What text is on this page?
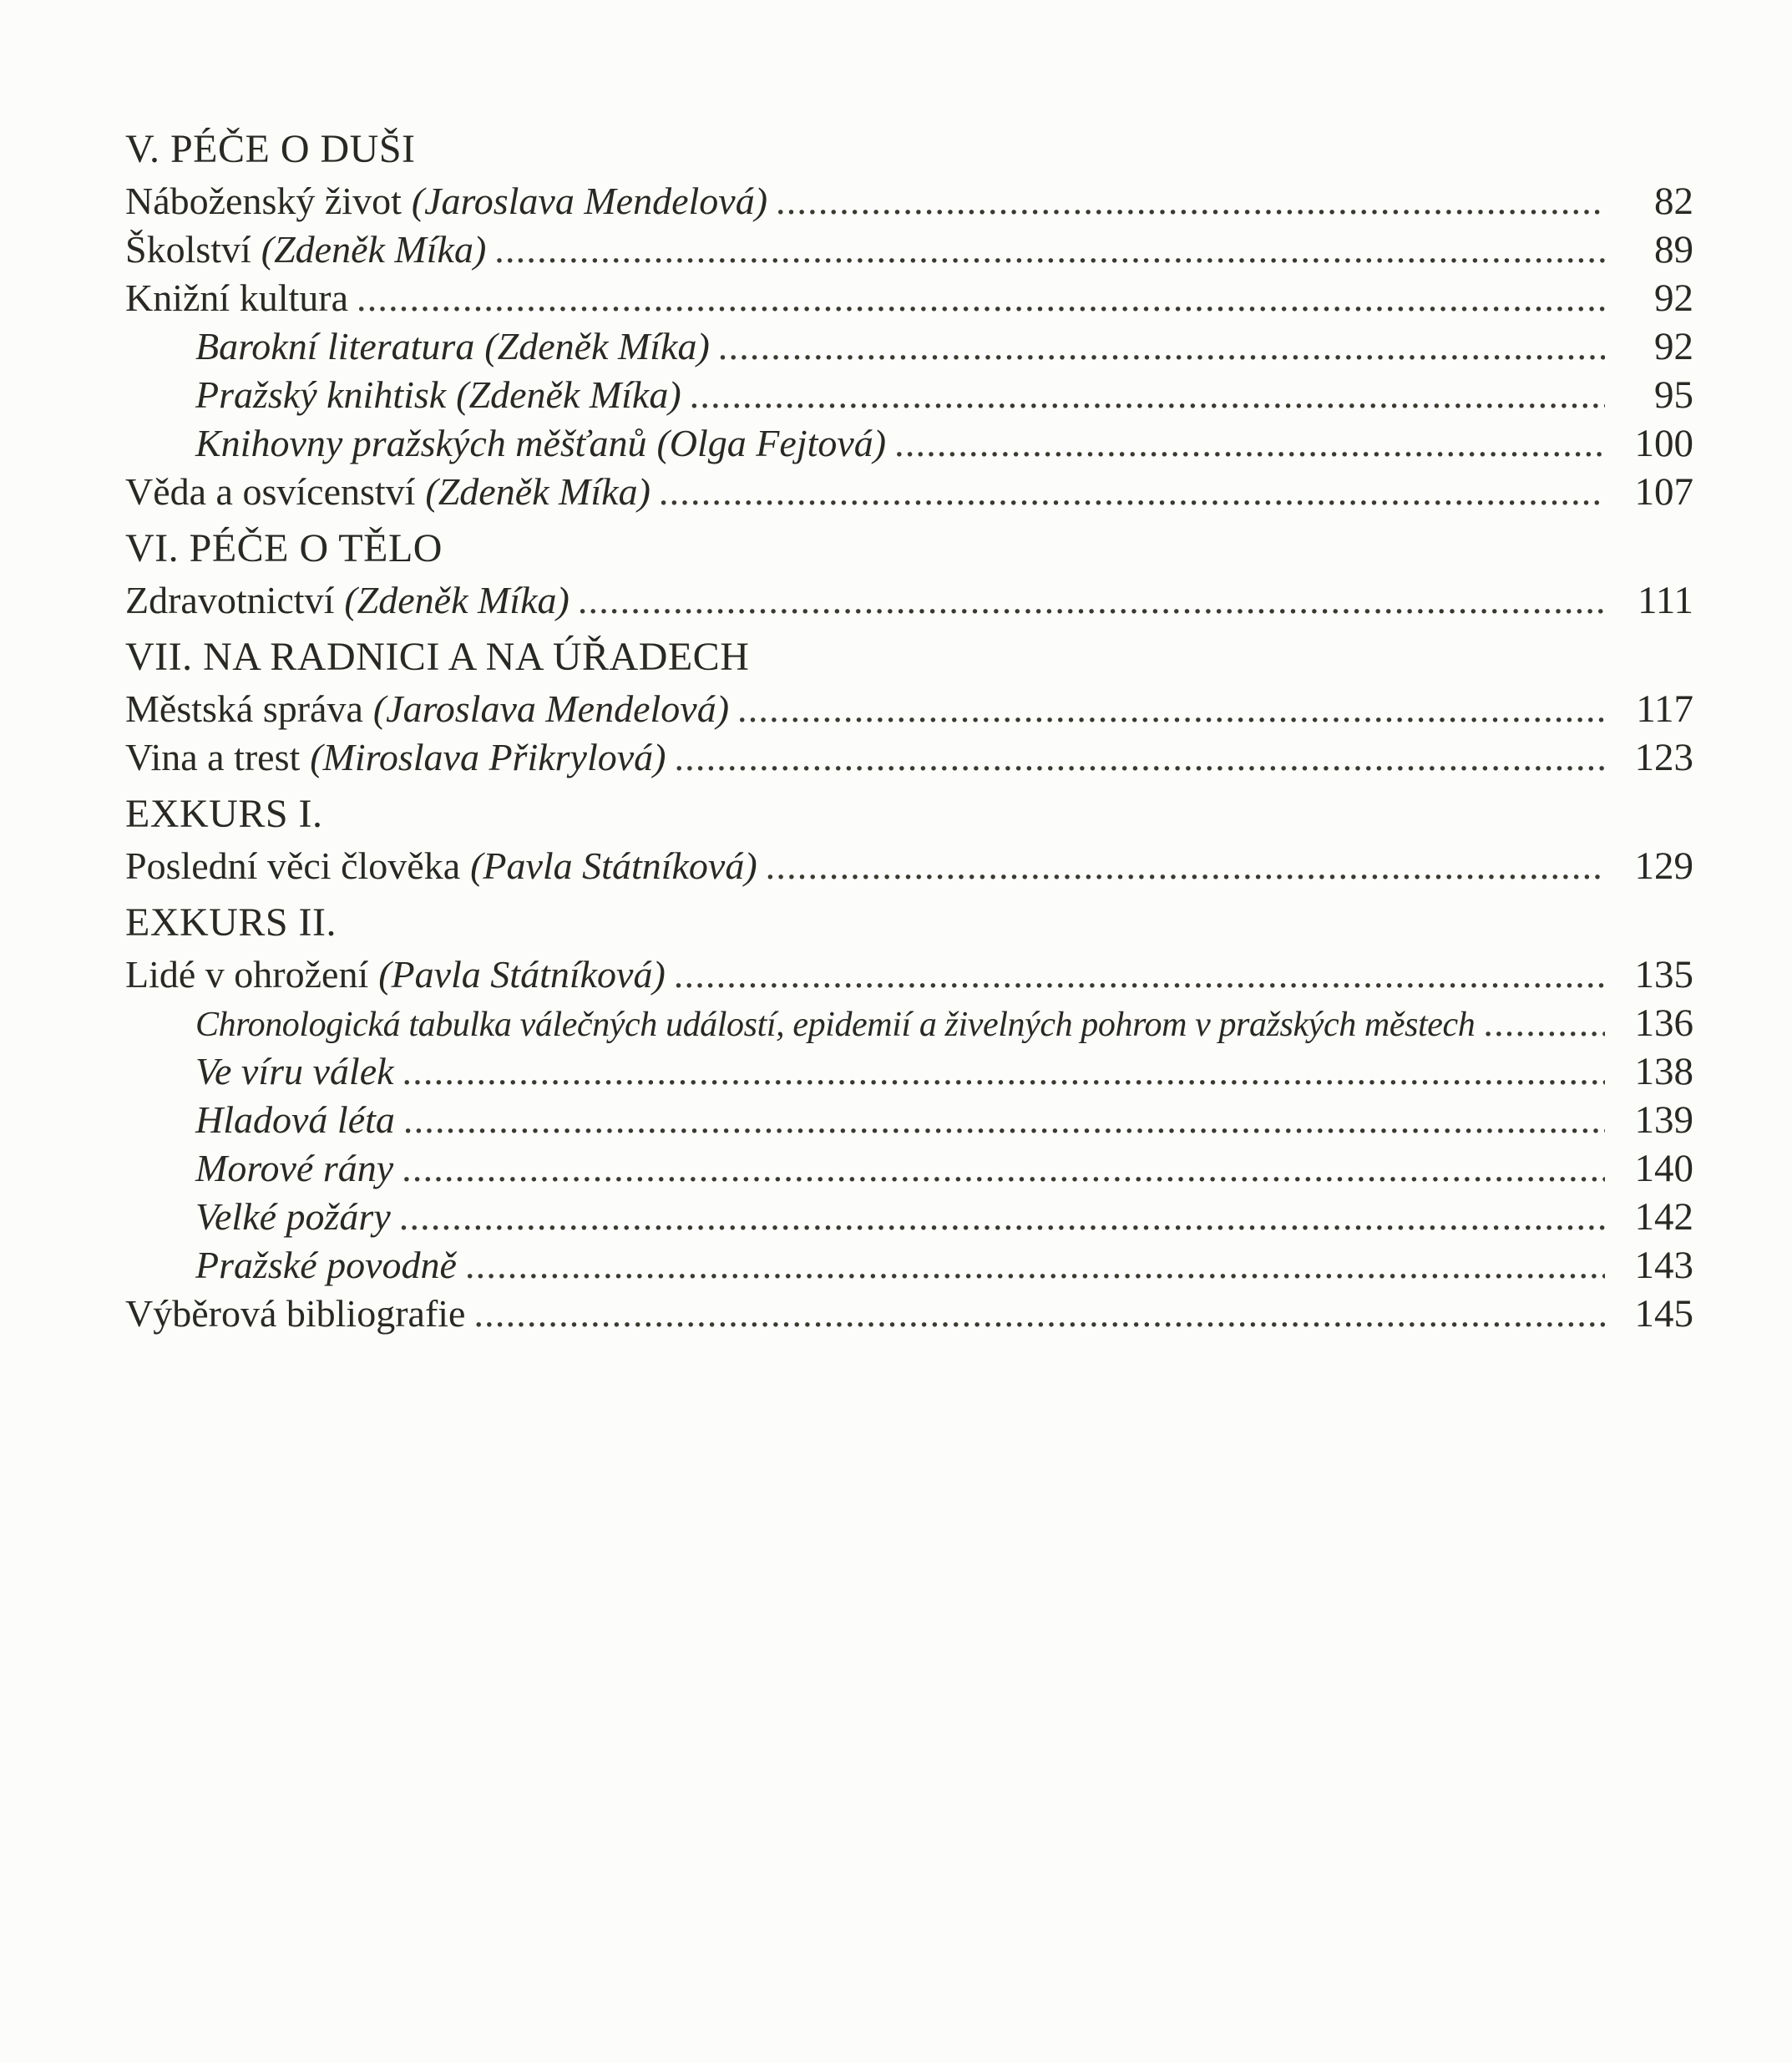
V. PÉČE O DUŠI
Náboženský život (Jaroslava Mendelová) .....	82
Školství (Zdeněk Míka) .....	89
Knižní kultura .....	92
Barokní literatura (Zdeněk Míka) .....	92
Pražský knihtisk (Zdeněk Míka) .....	95
Knihovny pražských měšťanů (Olga Fejtová) .....	100
Věda a osvícenství (Zdeněk Míka) .....	107
VI. PÉČE O TĚLO
Zdravotnictví (Zdeněk Míka) .....	111
VII. NA RADNICI A NA ÚŘADECH
Městská správa (Jaroslava Mendelová) .....	117
Vina a trest (Miroslava Přikrylová) .....	123
EXKURS I.
Poslední věci člověka (Pavla Státníková) .....	129
EXKURS II.
Lidé v ohrožení (Pavla Státníková) .....	135
Chronologická tabulka válečných událostí, epidemií a živelných pohrom v pražských městech .....	136
Ve víru válek .....	138
Hladová léta .....	139
Morové rány .....	140
Velké požáry .....	142
Pražské povodně .....	143
Výběrová bibliografie .....	145
